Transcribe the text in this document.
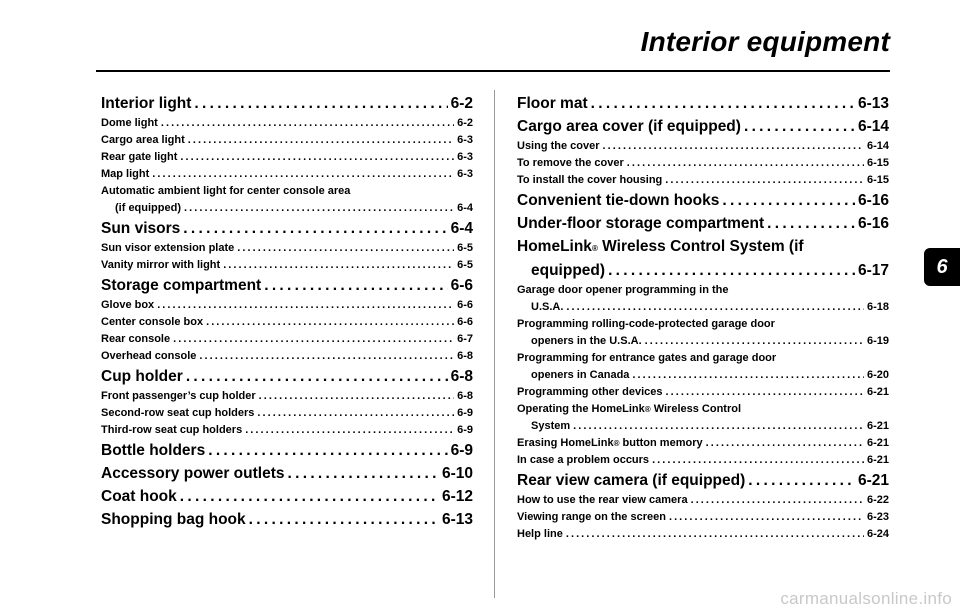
Interior equipment
Interior light . . .	6-2
Dome light . . .	6-2
Cargo area light . . .	6-3
Rear gate light . . .	6-3
Map light . . .	6-3
Automatic ambient light for center console area
(if equipped) . . .	6-4
Sun visors . . .	6-4
Sun visor extension plate . . .	6-5
Vanity mirror with light . . .	6-5
Storage compartment . . .	6-6
Glove box . . .	6-6
Center console box . . .	6-6
Rear console . . .	6-7
Overhead console . . .	6-8
Cup holder . . .	6-8
Front passenger’s cup holder . . .	6-8
Second-row seat cup holders . . .	6-9
Third-row seat cup holders . . .	6-9
Bottle holders . . .	6-9
Accessory power outlets . . .	6-10
Coat hook . . .	6-12
Shopping bag hook . . .	6-13
Floor mat . . .	6-13
Cargo area cover (if equipped) . . .	6-14
Using the cover . . .	6-14
To remove the cover . . .	6-15
To install the cover housing . . .	6-15
Convenient tie-down hooks . . .	6-16
Under-floor storage compartment . . .	6-16
HomeLink® Wireless Control System (if
equipped) . . .	6-17
Garage door opener programming in the
U.S.A. . . .	6-18
Programming rolling-code-protected garage door
openers in the U.S.A. . . .	6-19
Programming for entrance gates and garage door
openers in Canada . . .	6-20
Programming other devices . . .	6-21
Operating the HomeLink® Wireless Control
System . . .	6-21
Erasing HomeLink® button memory . . .	6-21
In case a problem occurs . . .	6-21
Rear view camera (if equipped) . . .	6-21
How to use the rear view camera . . .	6-22
Viewing range on the screen . . .	6-23
Help line . . .	6-24
6
carmanualsonline.info
